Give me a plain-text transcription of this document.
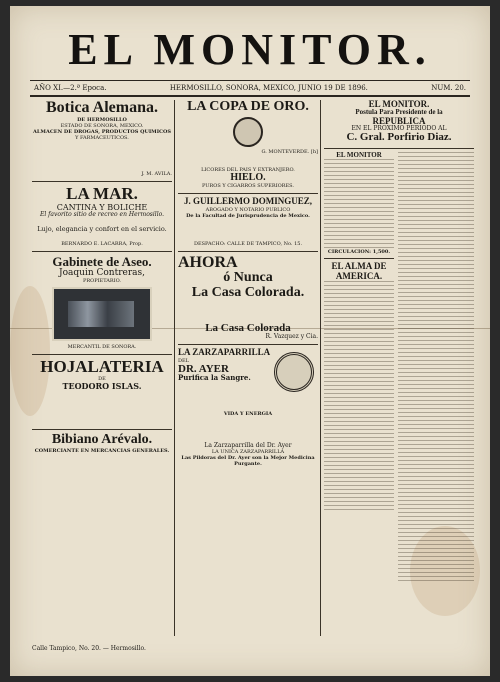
EL MONITOR.
AÑO XI.—2.ª Epoca.	HERMOSILLO, SONORA, MEXICO, JUNIO 19 DE 1896.	NUM. 20.
Botica Alemana.
DE HERMOSILLO
ESTADO DE SONORA, MEXICO.
ALMACEN DE DROGAS, PRODUCTOS QUIMICOS
Y FARMACEUTICOS.
J. M. AVILA.
LA MAR.
CANTINA Y BOLICHE
El favorito sitio de recreo en Hermosillo.
Lujo, elegancia y confort en el servicio.
BERNARDO E. LACARRA, Prop.
Gabinete de Aseo.
Joaquin Contreras,
PROPIETARIO.
MERCANTIL DE SONORA.
HOJALATERIA
DE
TEODORO ISLAS.
Bibiano Arévalo.
COMERCIANTE EN MERCANCIAS GENERALES.
LA COPA DE ORO.
G. MONTEVERDE. [h]
LICORES DEL PAIS Y EXTRANJERO.
HIELO.
PUROS Y CIGARROS SUPERIORES.
J. GUILLERMO DOMINGUEZ,
ABOGADO Y NOTARIO PUBLICO
De la Facultad de Jurisprudencia de Mexico.
DESPACHO: CALLE DE TAMPICO, No. 15.
AHORA
ó Nunca
La Casa Colorada.
La Casa Colorada
R. Vazquez y Cia.
LA ZARZAPARRILLA
DEL
DR. AYER
Purifica la Sangre.
VIDA Y ENERGIA
La Zarzaparrilla del Dr. Ayer
LA UNICA ZARZAPARRILLA
Las Pildoras del Dr. Ayer son la Mejor Medicina Purgante.
EL MONITOR.
Postula Para Presidente de la
REPUBLICA
EN EL PROXIMO PERIODO AL
C. Gral. Porfirio Diaz.
EL MONITOR
CIRCULACION: 1,500.
EL ALMA DE AMERICA.
Calle Tampico, No. 20. — Hermosillo.
